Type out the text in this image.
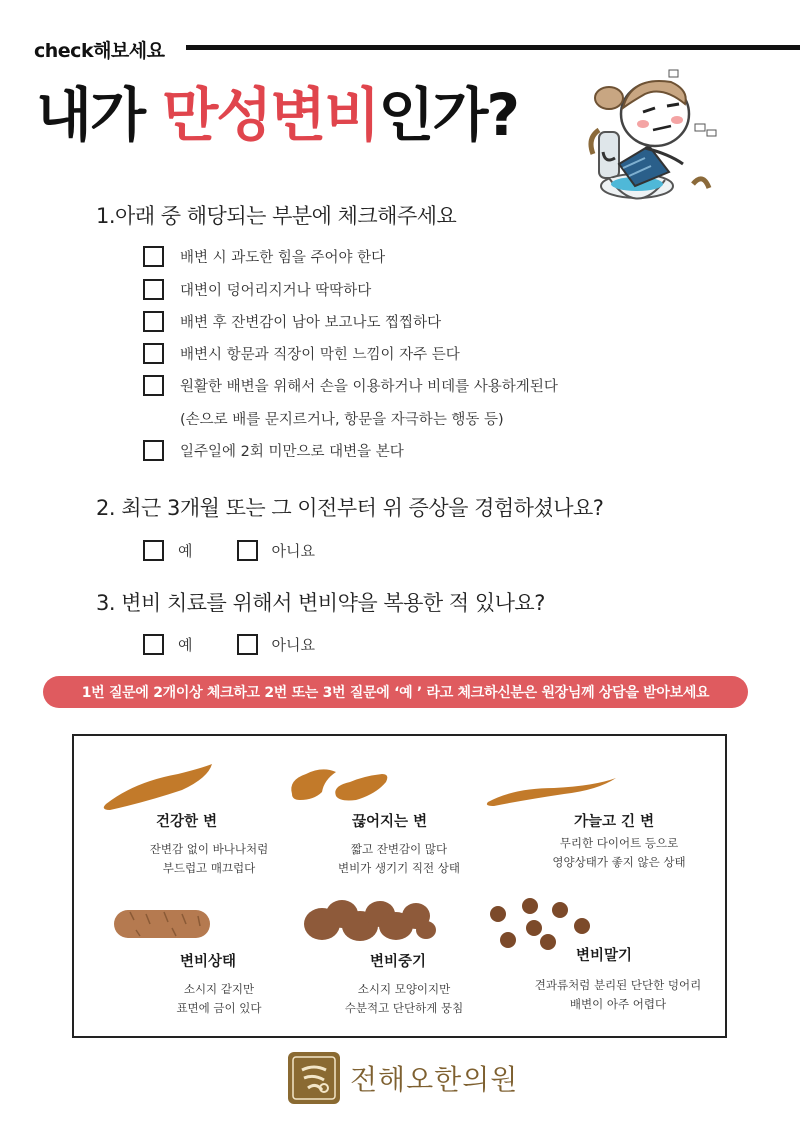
check해보세요
내가 만성변비인가?
1.아래 중 해당되는 부분에 체크해주세요
배변 시 과도한 힘을 주어야 한다
대변이 덩어리지거나 딱딱하다
배변 후 잔변감이 남아 보고나도 찝찝하다
배변시 항문과 직장이 막힌 느낌이 자주 든다
원활한 배변을 위해서 손을 이용하거나 비데를 사용하게된다
(손으로 배를 문지르거나, 항문을 자극하는 행동 등)
일주일에 2회 미만으로 대변을 본다
2. 최근 3개월 또는 그 이전부터 위 증상을 경험하셨나요?
예	아니요
3. 변비 치료를 위해서 변비약을 복용한 적 있나요?
예	아니요
1번 질문에 2개이상 체크하고 2번 또는 3번 질문에 ‘예 ’ 라고 체크하신분은 원장님께 상담을 받아보세요
건강한 변
잔변감 없이 바나나처럼
부드럽고 매끄럽다
끊어지는 변
짧고 잔변감이 많다
변비가 생기기 직전 상태
가늘고 긴 변
무리한 다이어트 등으로
영양상태가 좋지 않은 상태
변비상태
소시지 같지만
표면에 금이 있다
변비중기
소시지 모양이지만
수분적고 단단하게 뭉침
변비말기
견과류처럼 분리된 단단한 덩어리
배변이 아주 어렵다
전해오한의원
